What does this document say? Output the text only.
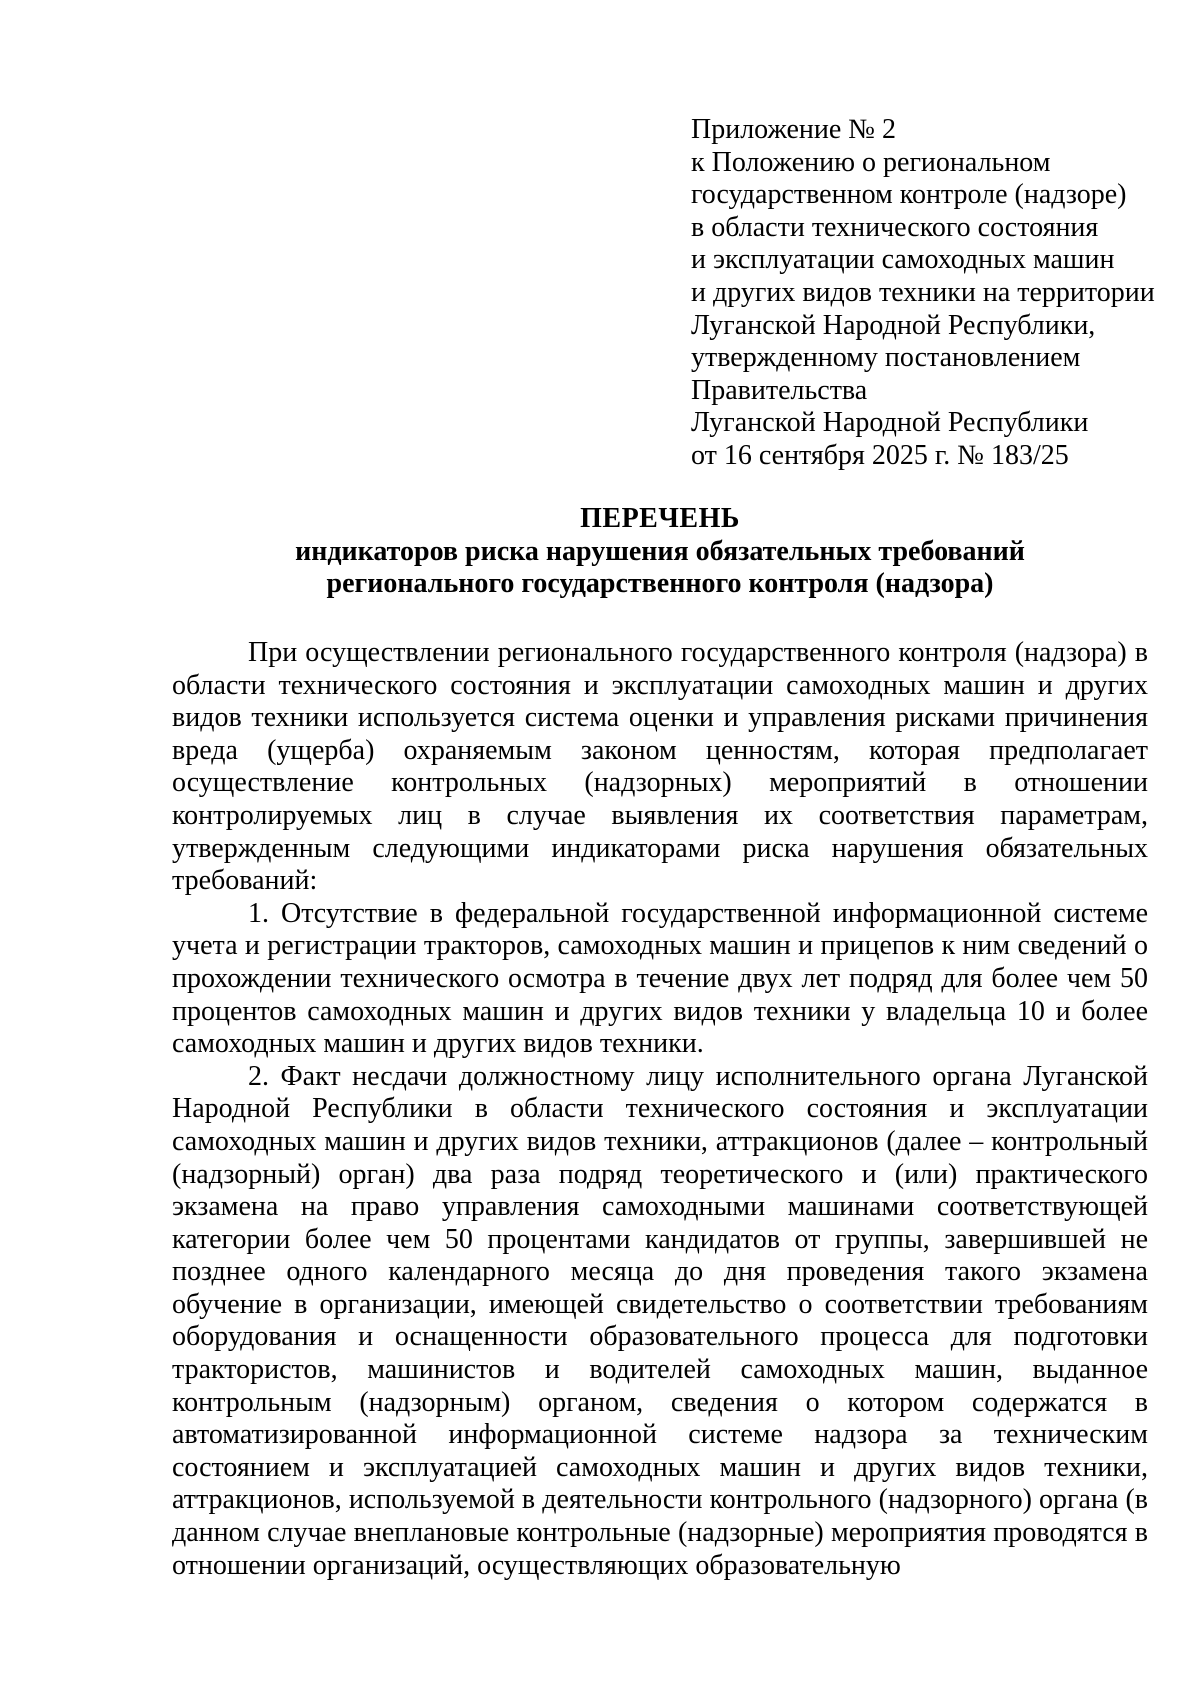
Приложение № 2
к Положению о региональном
государственном контроле (надзоре)
в области технического состояния
и эксплуатации самоходных машин
и других видов техники на территории
Луганской Народной Республики,
утвержденному постановлением
Правительства
Луганской Народной Республики
от 16 сентября 2025 г. № 183/25
ПЕРЕЧЕНЬ
индикаторов риска нарушения обязательных требований
регионального государственного контроля (надзора)

При осуществлении регионального государственного контроля (надзора) в области технического состояния и эксплуатации самоходных машин и других видов техники используется система оценки и управления рисками причинения вреда (ущерба) охраняемым законом ценностям, которая предполагает осуществление контрольных (надзорных) мероприятий в отношении контролируемых лиц в случае выявления их соответствия параметрам, утвержденным следующими индикаторами риска нарушения обязательных требований:

1. Отсутствие в федеральной государственной информационной системе учета и регистрации тракторов, самоходных машин и прицепов к ним сведений о прохождении технического осмотра в течение двух лет подряд для более чем 50 процентов самоходных машин и других видов техники у владельца 10 и более самоходных машин и других видов техники.

2. Факт несдачи должностному лицу исполнительного органа Луганской Народной Республики в области технического состояния и эксплуатации самоходных машин и других видов техники, аттракционов (далее – контрольный (надзорный) орган) два раза подряд теоретического и (или) практического экзамена на право управления самоходными машинами соответствующей категории более чем 50 процентами кандидатов от группы, завершившей не позднее одного календарного месяца до дня проведения такого экзамена обучение в организации, имеющей свидетельство о соответствии требованиям оборудования и оснащенности образовательного процесса для подготовки трактористов, машинистов и водителей самоходных машин, выданное контрольным (надзорным) органом, сведения о котором содержатся в автоматизированной информационной системе надзора за техническим состоянием и эксплуатацией самоходных машин и других видов техники, аттракционов, используемой в деятельности контрольного (надзорного) органа (в данном случае внеплановые контрольные (надзорные) мероприятия проводятся в отношении организаций, осуществляющих образовательную
